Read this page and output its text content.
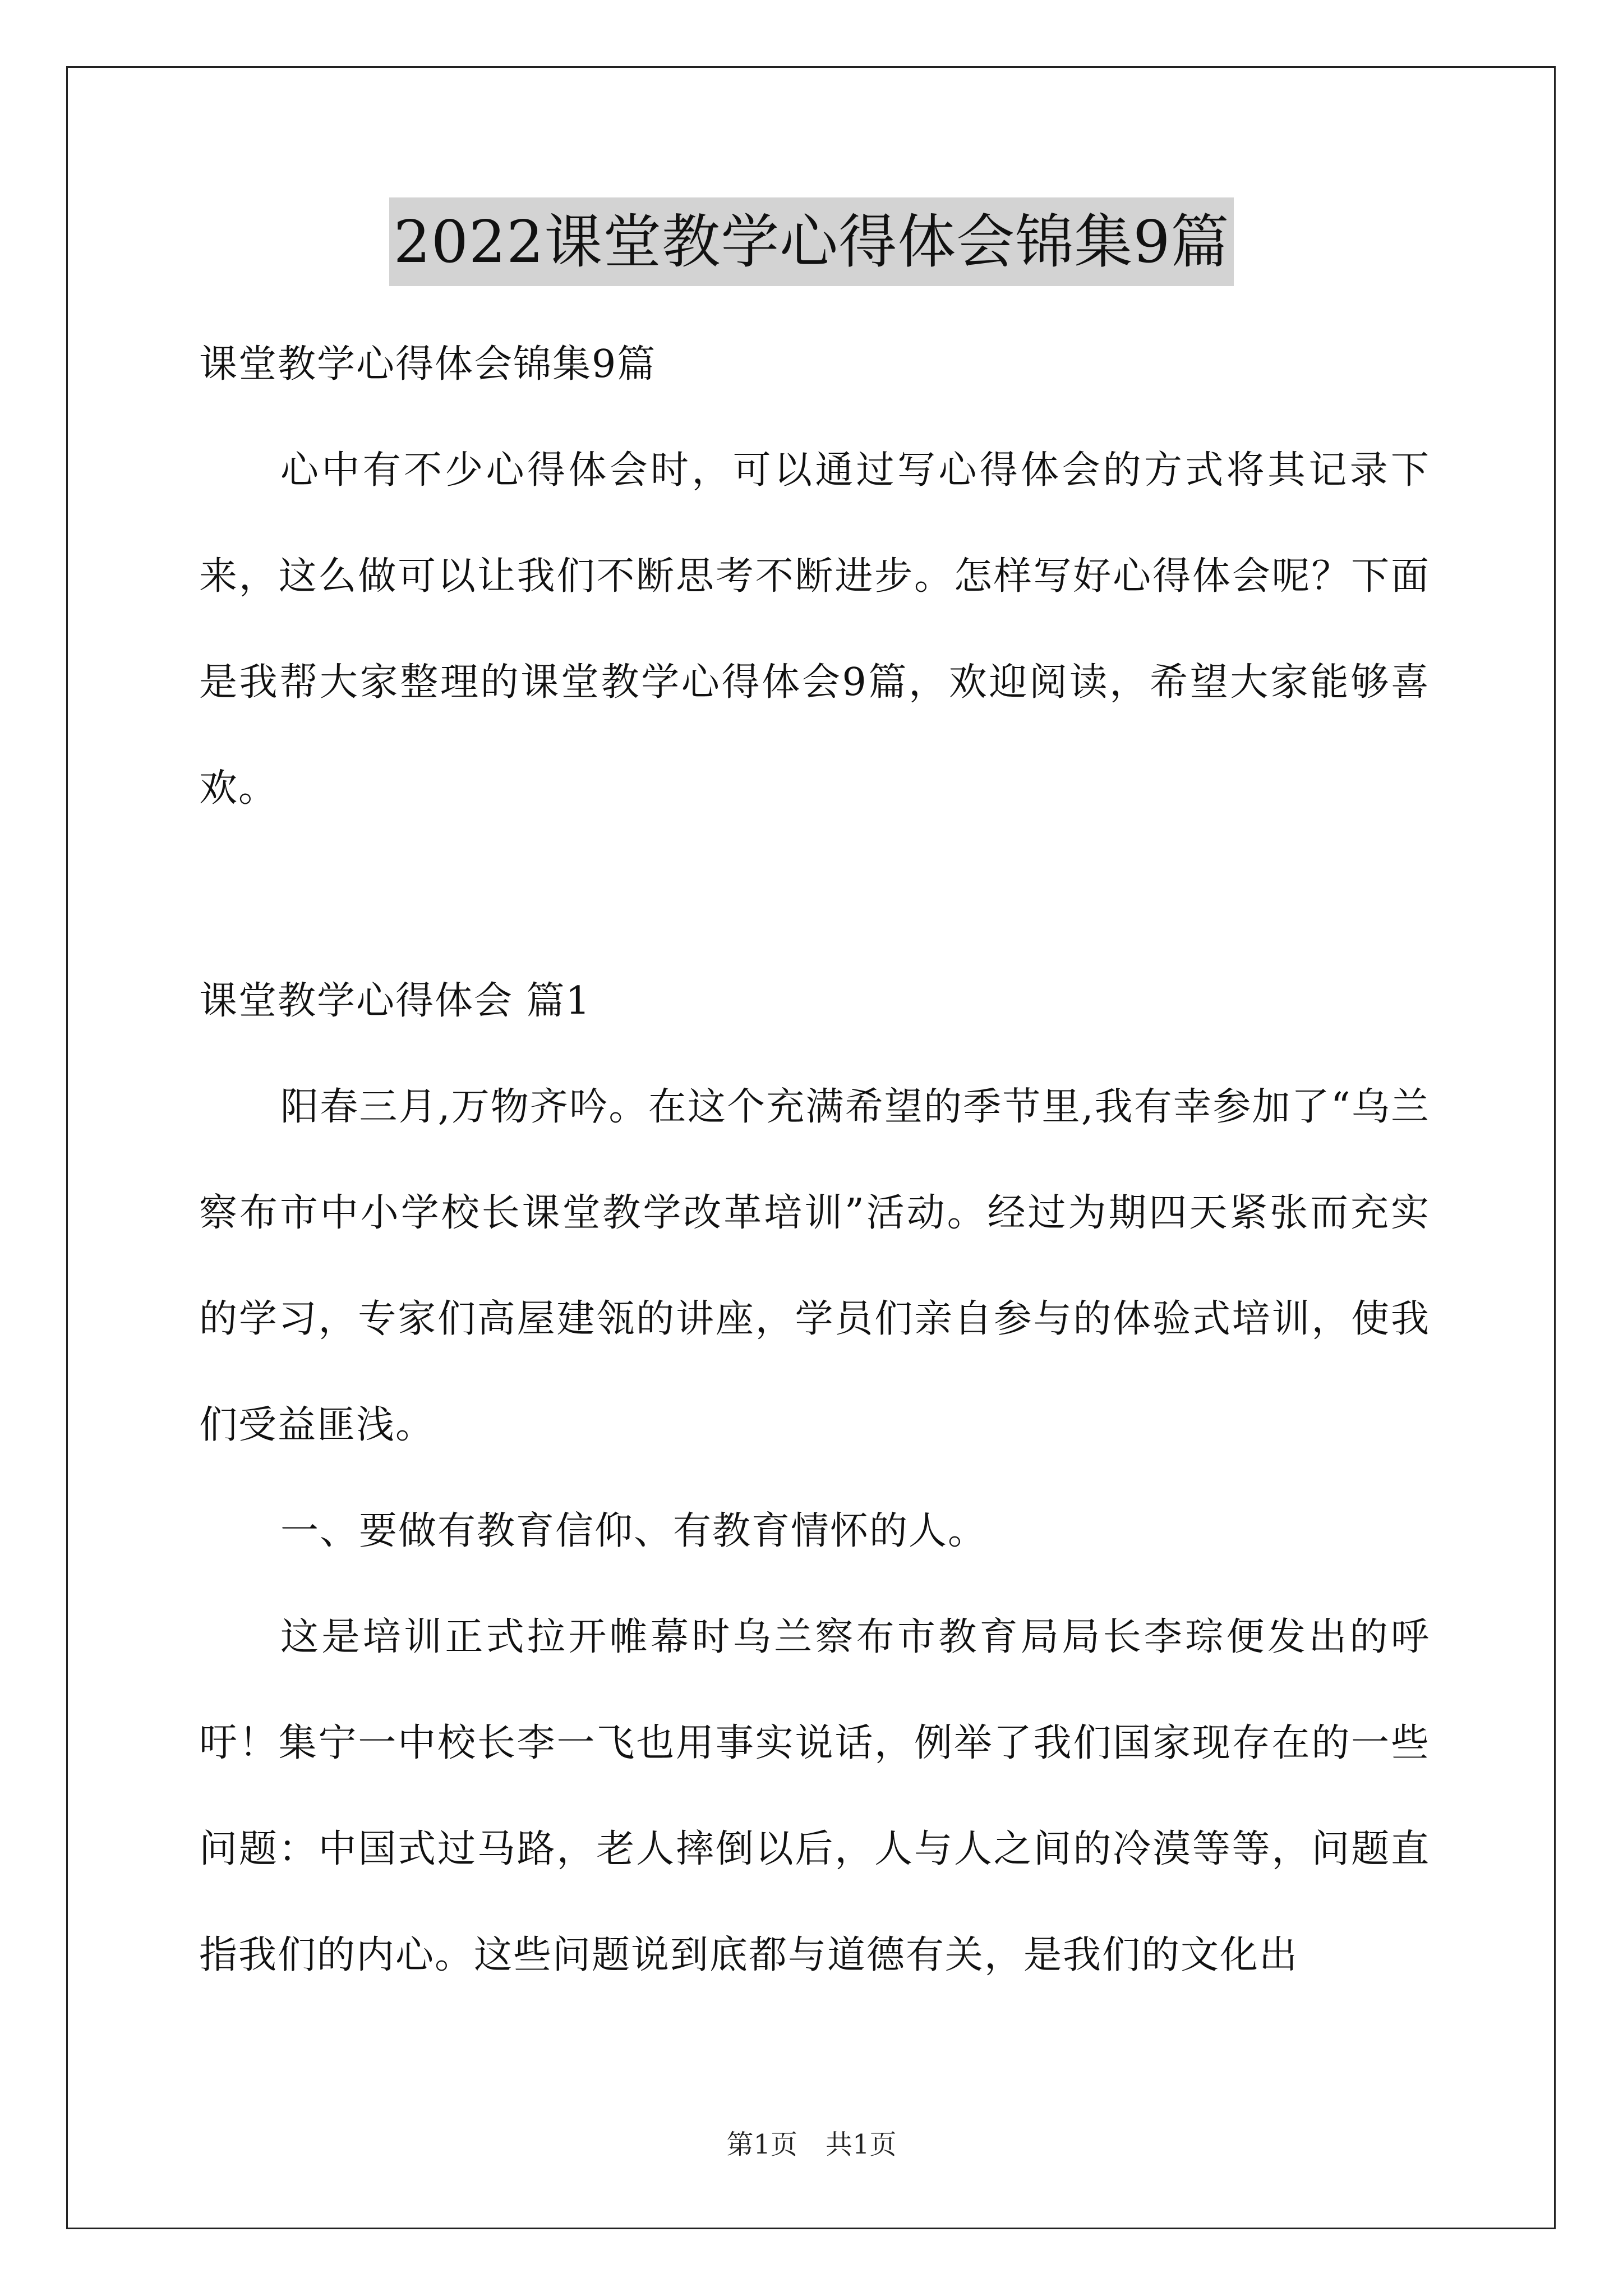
2022课堂教学心得体会锦集9篇

课堂教学心得体会锦集9篇

心中有不少心得体会时，可以通过写心得体会的方式将其记录下来，这么做可以让我们不断思考不断进步。怎样写好心得体会呢？下面是我帮大家整理的课堂教学心得体会9篇，欢迎阅读，希望大家能够喜欢。

课堂教学心得体会 篇1

阳春三月,万物齐吟。在这个充满希望的季节里,我有幸参加了“乌兰察布市中小学校长课堂教学改革培训”活动。经过为期四天紧张而充实的学习，专家们高屋建瓴的讲座，学员们亲自参与的体验式培训，使我们受益匪浅。

一、要做有教育信仰、有教育情怀的人。

这是培训正式拉开帷幕时乌兰察布市教育局局长李琮便发出的呼吁！集宁一中校长李一飞也用事实说话，例举了我们国家现存在的一些问题：中国式过马路，老人摔倒以后，人与人之间的冷漠等等，问题直指我们的内心。这些问题说到底都与道德有关，是我们的文化出

第1页 共1页
